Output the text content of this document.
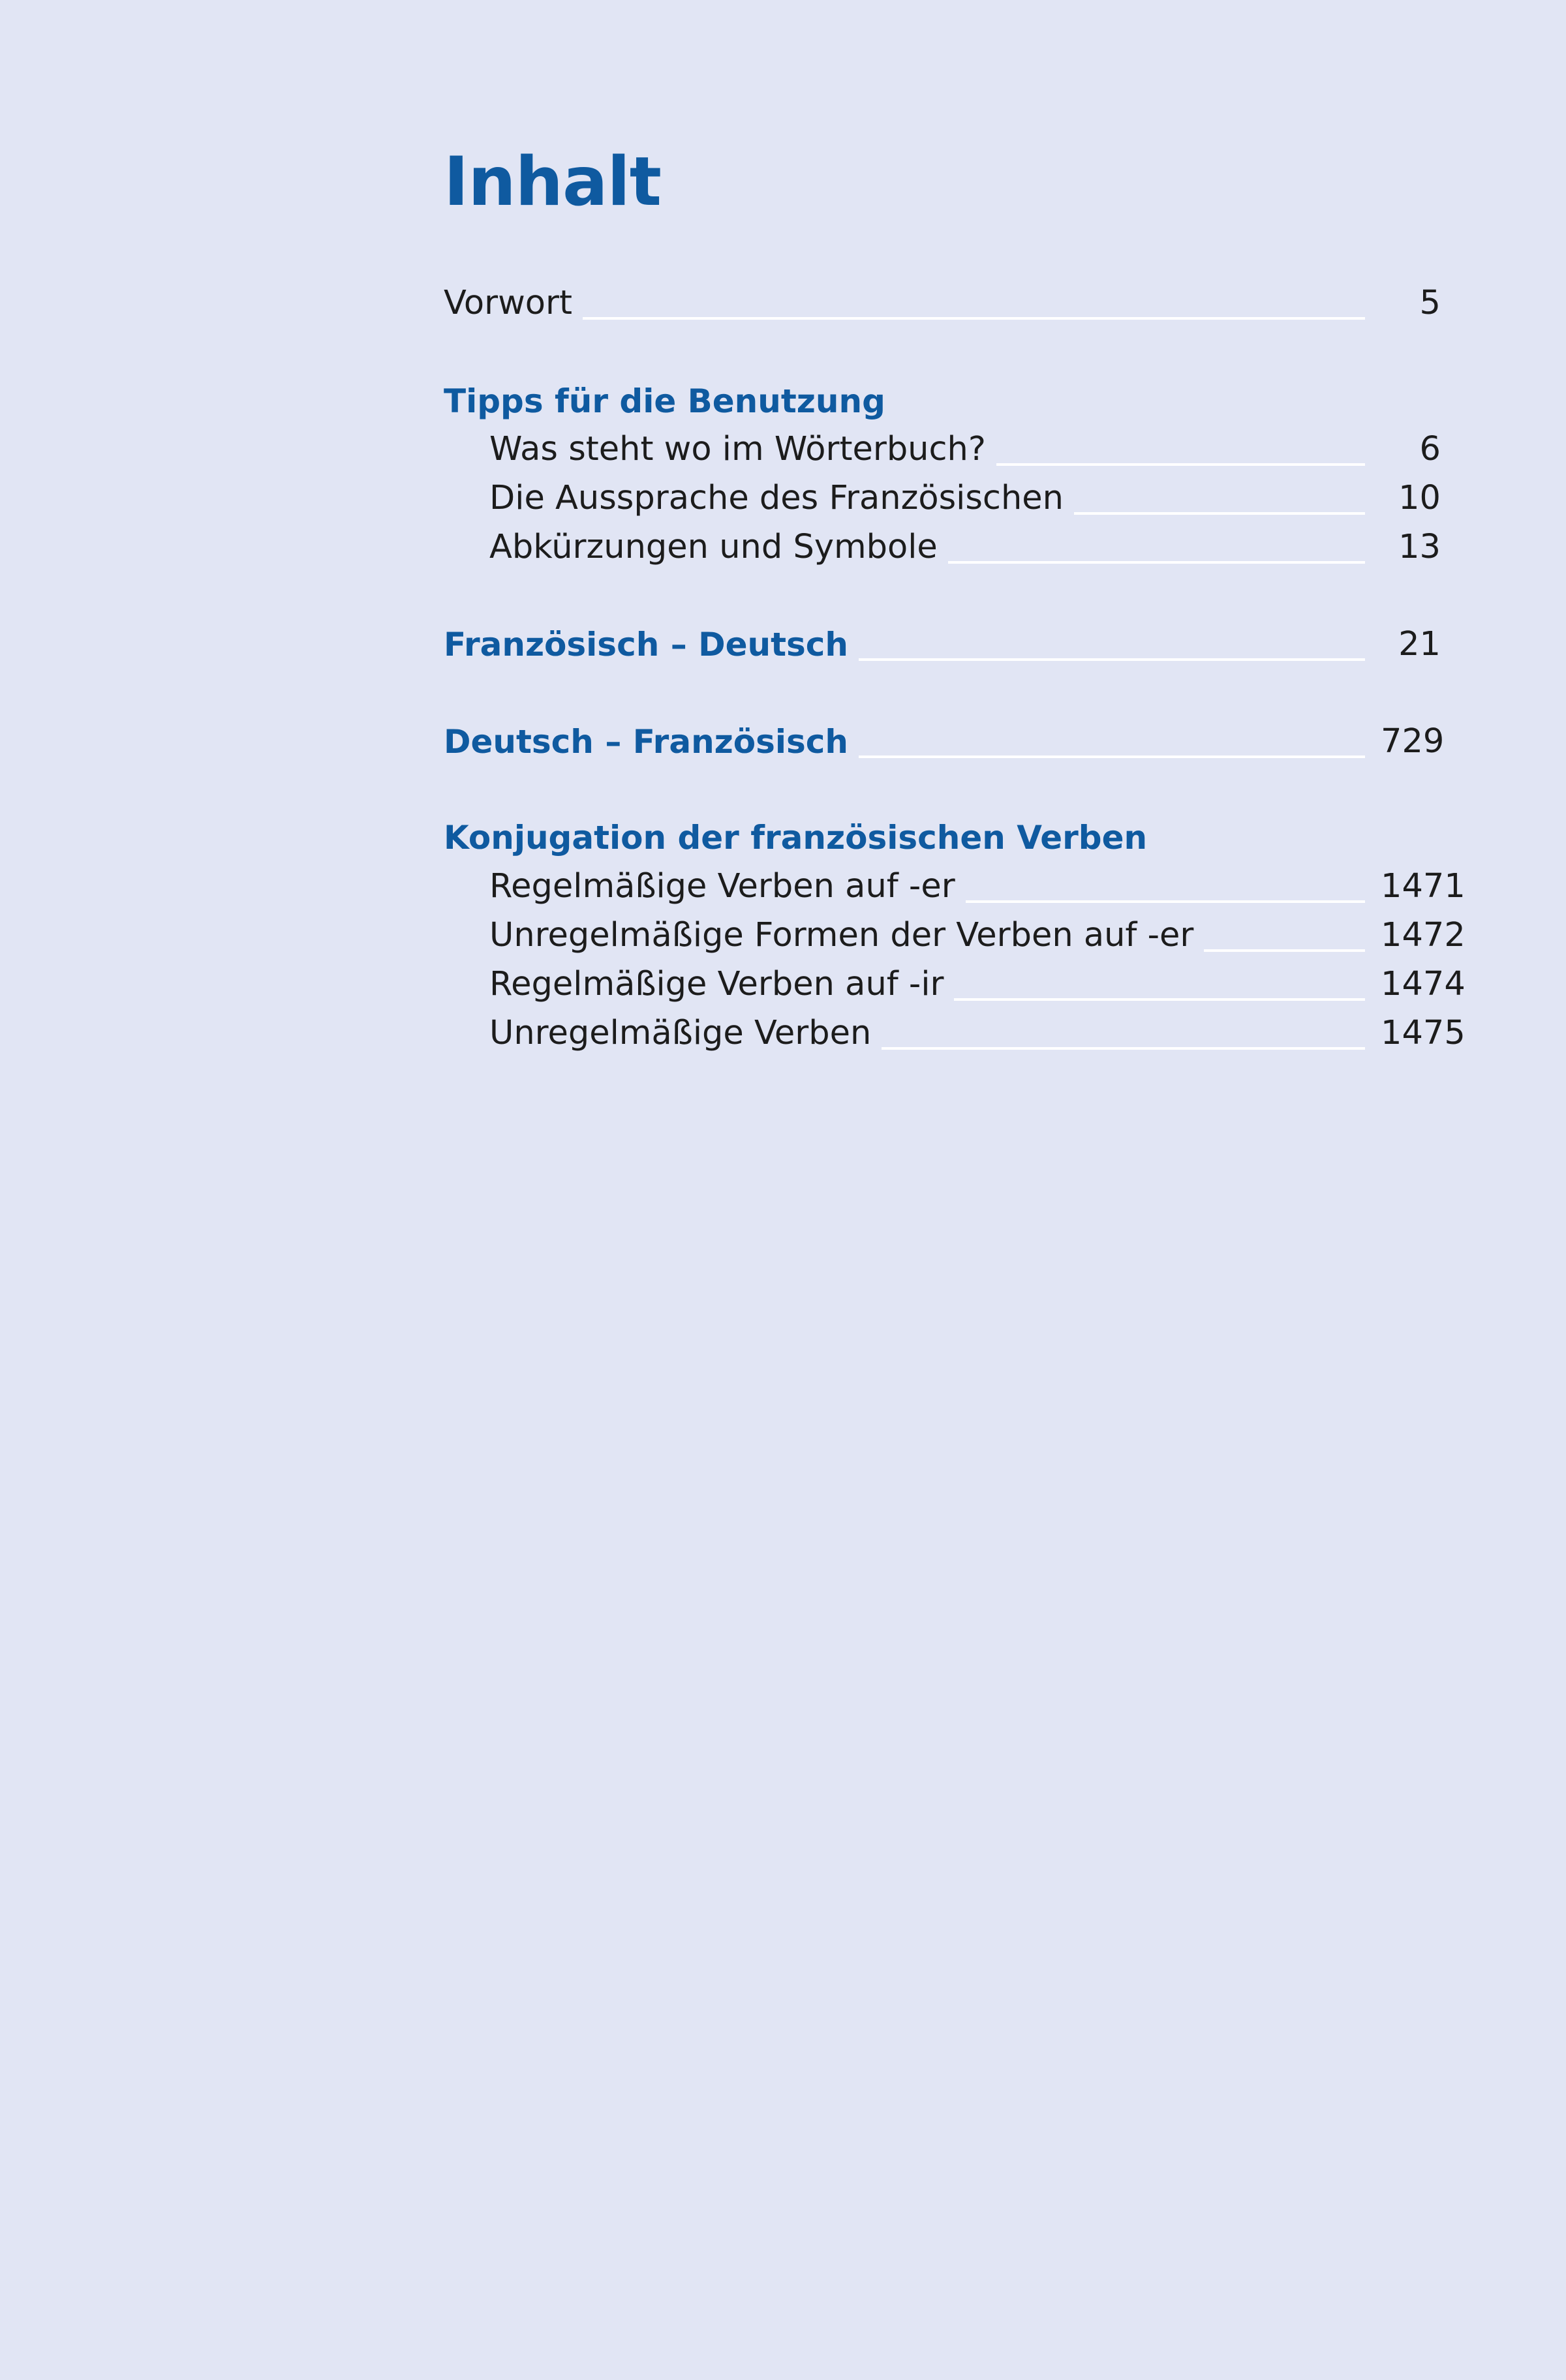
Inhalt
Vorwort	5
Tipps für die Benutzung
Was steht wo im Wörterbuch?	6
Die Aussprache des Französischen	10
Abkürzungen und Symbole	13
Französisch – Deutsch	21
Deutsch – Französisch	729
Konjugation der französischen Verben
Regelmäßige Verben auf -er	1471
Unregelmäßige Formen der Verben auf -er	1472
Regelmäßige Verben auf -ir	1474
Unregelmäßige Verben	1475
